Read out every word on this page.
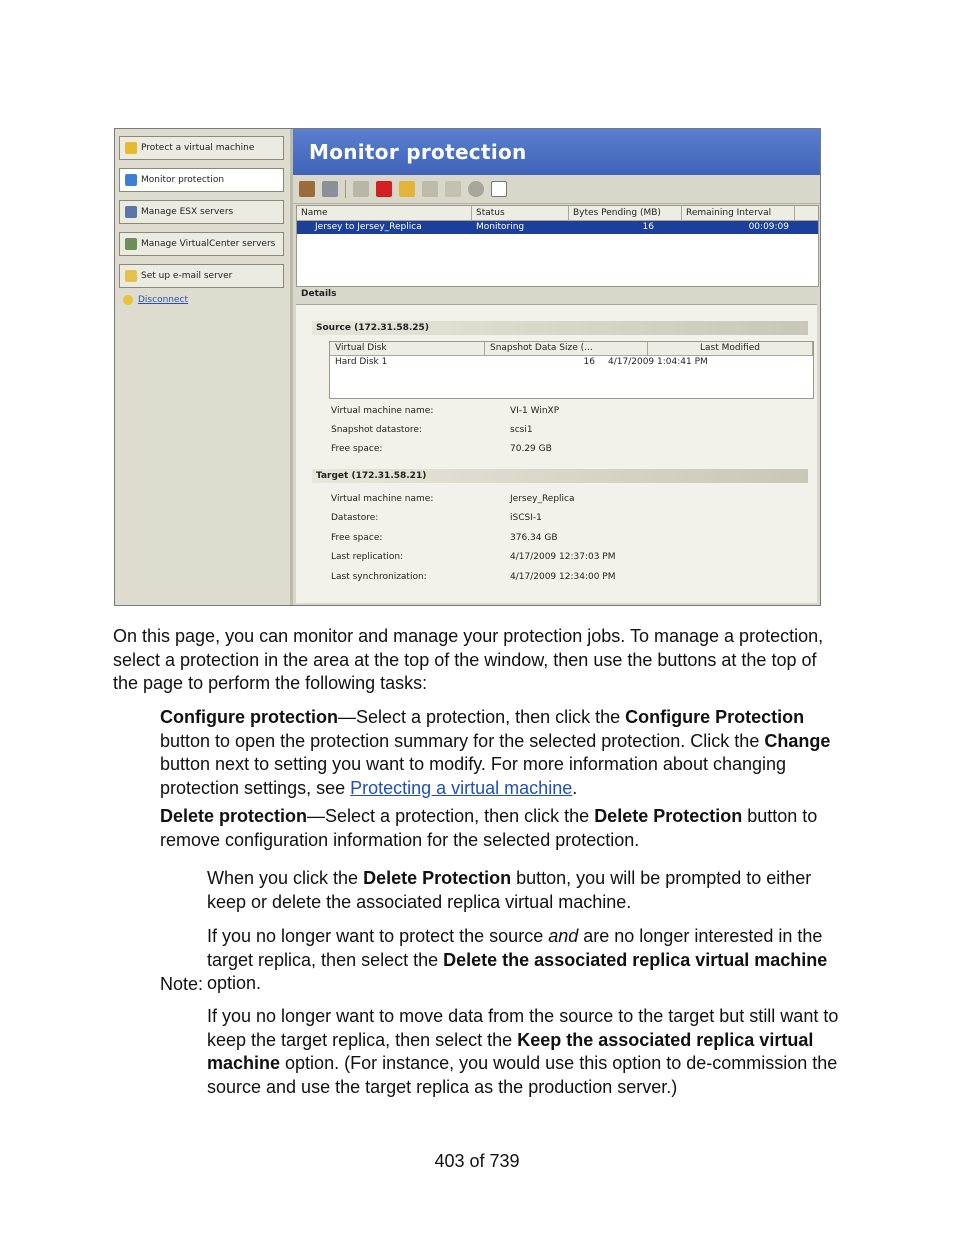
Protect a virtual machine
Monitor protection
Manage ESX servers
Manage VirtualCenter servers
Set up e-mail server
Disconnect
Monitor protection
Name	Status	Bytes Pending (MB)	Remaining Interval
Jersey to Jersey_Replica	Monitoring	16	00:09:09
Details
Source (172.31.58.25)
Virtual Disk	Snapshot Data Size (...	Last Modified
Hard Disk 1	16	4/17/2009 1:04:41 PM
Virtual machine name:	VI-1 WinXP
Snapshot datastore:	scsi1
Free space:	70.29 GB
Target (172.31.58.21)
Virtual machine name:	Jersey_Replica
Datastore:	iSCSI-1
Free space:	376.34 GB
Last replication:	4/17/2009 12:37:03 PM
Last synchronization:	4/17/2009 12:34:00 PM

On this page, you can monitor and manage your protection jobs. To manage a protection, select a protection in the area at the top of the window, then use the buttons at the top of the page to perform the following tasks:

Configure protection—Select a protection, then click the Configure Protection button to open the protection summary for the selected protection. Click the Change button next to setting you want to modify. For more information about changing protection settings, see Protecting a virtual machine.

Delete protection—Select a protection, then click the Delete Protection button to remove configuration information for the selected protection.

Note:

When you click the Delete Protection button, you will be prompted to either keep or delete the associated replica virtual machine.

If you no longer want to protect the source and are no longer interested in the target replica, then select the Delete the associated replica virtual machine option.

If you no longer want to move data from the source to the target but still want to keep the target replica, then select the Keep the associated replica virtual machine option. (For instance, you would use this option to de-commission the source and use the target replica as the production server.)

403 of 739
